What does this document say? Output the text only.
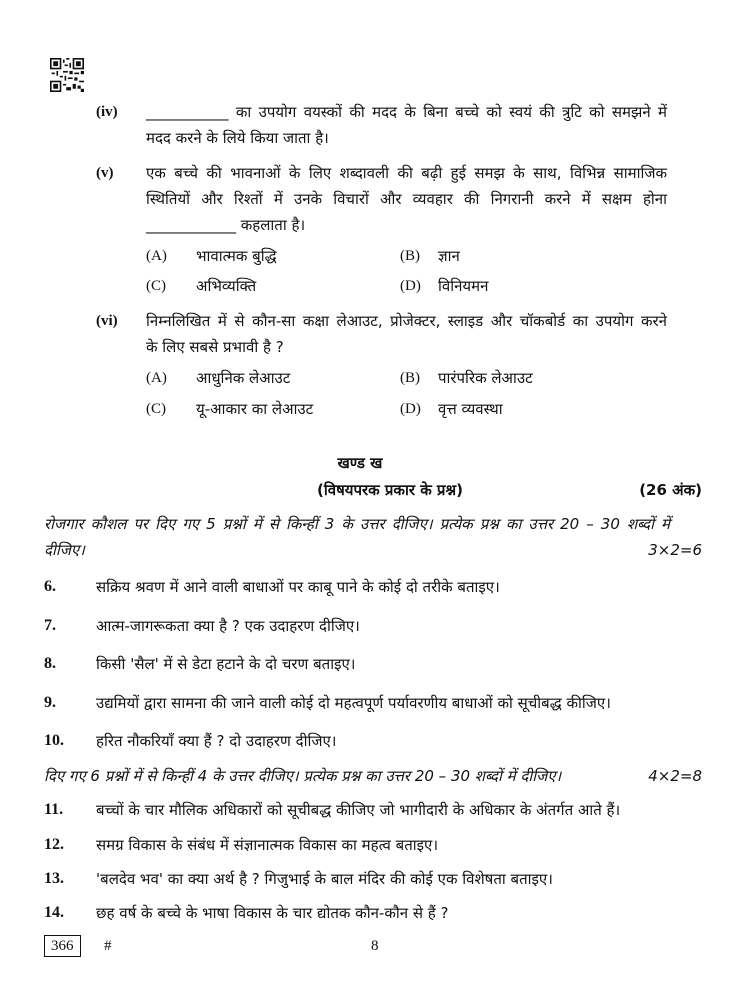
(iv) ___________ का उपयोग वयस्कों की मदद के बिना बच्चे को स्वयं की त्रुटि को समझने में
मदद करने के लिये किया जाता है।
(v) एक बच्चे की भावनाओं के लिए शब्दावली की बढ़ी हुई समझ के साथ, विभिन्न सामाजिक
स्थितियों और रिश्तों में उनके विचारों और व्यवहार की निगरानी करने में सक्षम होना
____________ कहलाता है।
(A) भावात्मक बुद्धि	(B) ज्ञान
(C) अभिव्यक्ति	(D) विनियमन
(vi) निम्नलिखित में से कौन-सा कक्षा लेआउट, प्रोजेक्टर, स्लाइड और चॉकबोर्ड का उपयोग करने
के लिए सबसे प्रभावी है ?
(A) आधुनिक लेआउट	(B) पारंपरिक लेआउट
(C) यू-आकार का लेआउट	(D) वृत्त व्यवस्था
खण्ड ख
(विषयपरक प्रकार के प्रश्न)	(26 अंक)
रोजगार कौशल पर दिए गए 5 प्रश्नों में से किन्हीं 3 के उत्तर दीजिए। प्रत्येक प्रश्न का उत्तर 20 – 30 शब्दों में
दीजिए।	3×2=6
6.	सक्रिय श्रवण में आने वाली बाधाओं पर काबू पाने के कोई दो तरीके बताइए।
7.	आत्म-जागरूकता क्या है ? एक उदाहरण दीजिए।
8.	किसी 'सैल' में से डेटा हटाने के दो चरण बताइए।
9.	उद्यमियों द्वारा सामना की जाने वाली कोई दो महत्वपूर्ण पर्यावरणीय बाधाओं को सूचीबद्ध कीजिए।
10. हरित नौकरियाँ क्या हैं ? दो उदाहरण दीजिए।
दिए गए 6 प्रश्नों में से किन्हीं 4 के उत्तर दीजिए। प्रत्येक प्रश्न का उत्तर 20 – 30 शब्दों में दीजिए।	4×2=8
11. बच्चों के चार मौलिक अधिकारों को सूचीबद्ध कीजिए जो भागीदारी के अधिकार के अंतर्गत आते हैं।
12. समग्र विकास के संबंध में संज्ञानात्मक विकास का महत्व बताइए।
13. 'बलदेव भव' का क्या अर्थ है ? गिजुभाई के बाल मंदिर की कोई एक विशेषता बताइए।
14. छह वर्ष के बच्चे के भाषा विकास के चार द्योतक कौन-कौन से हैं ?
366	#	8
